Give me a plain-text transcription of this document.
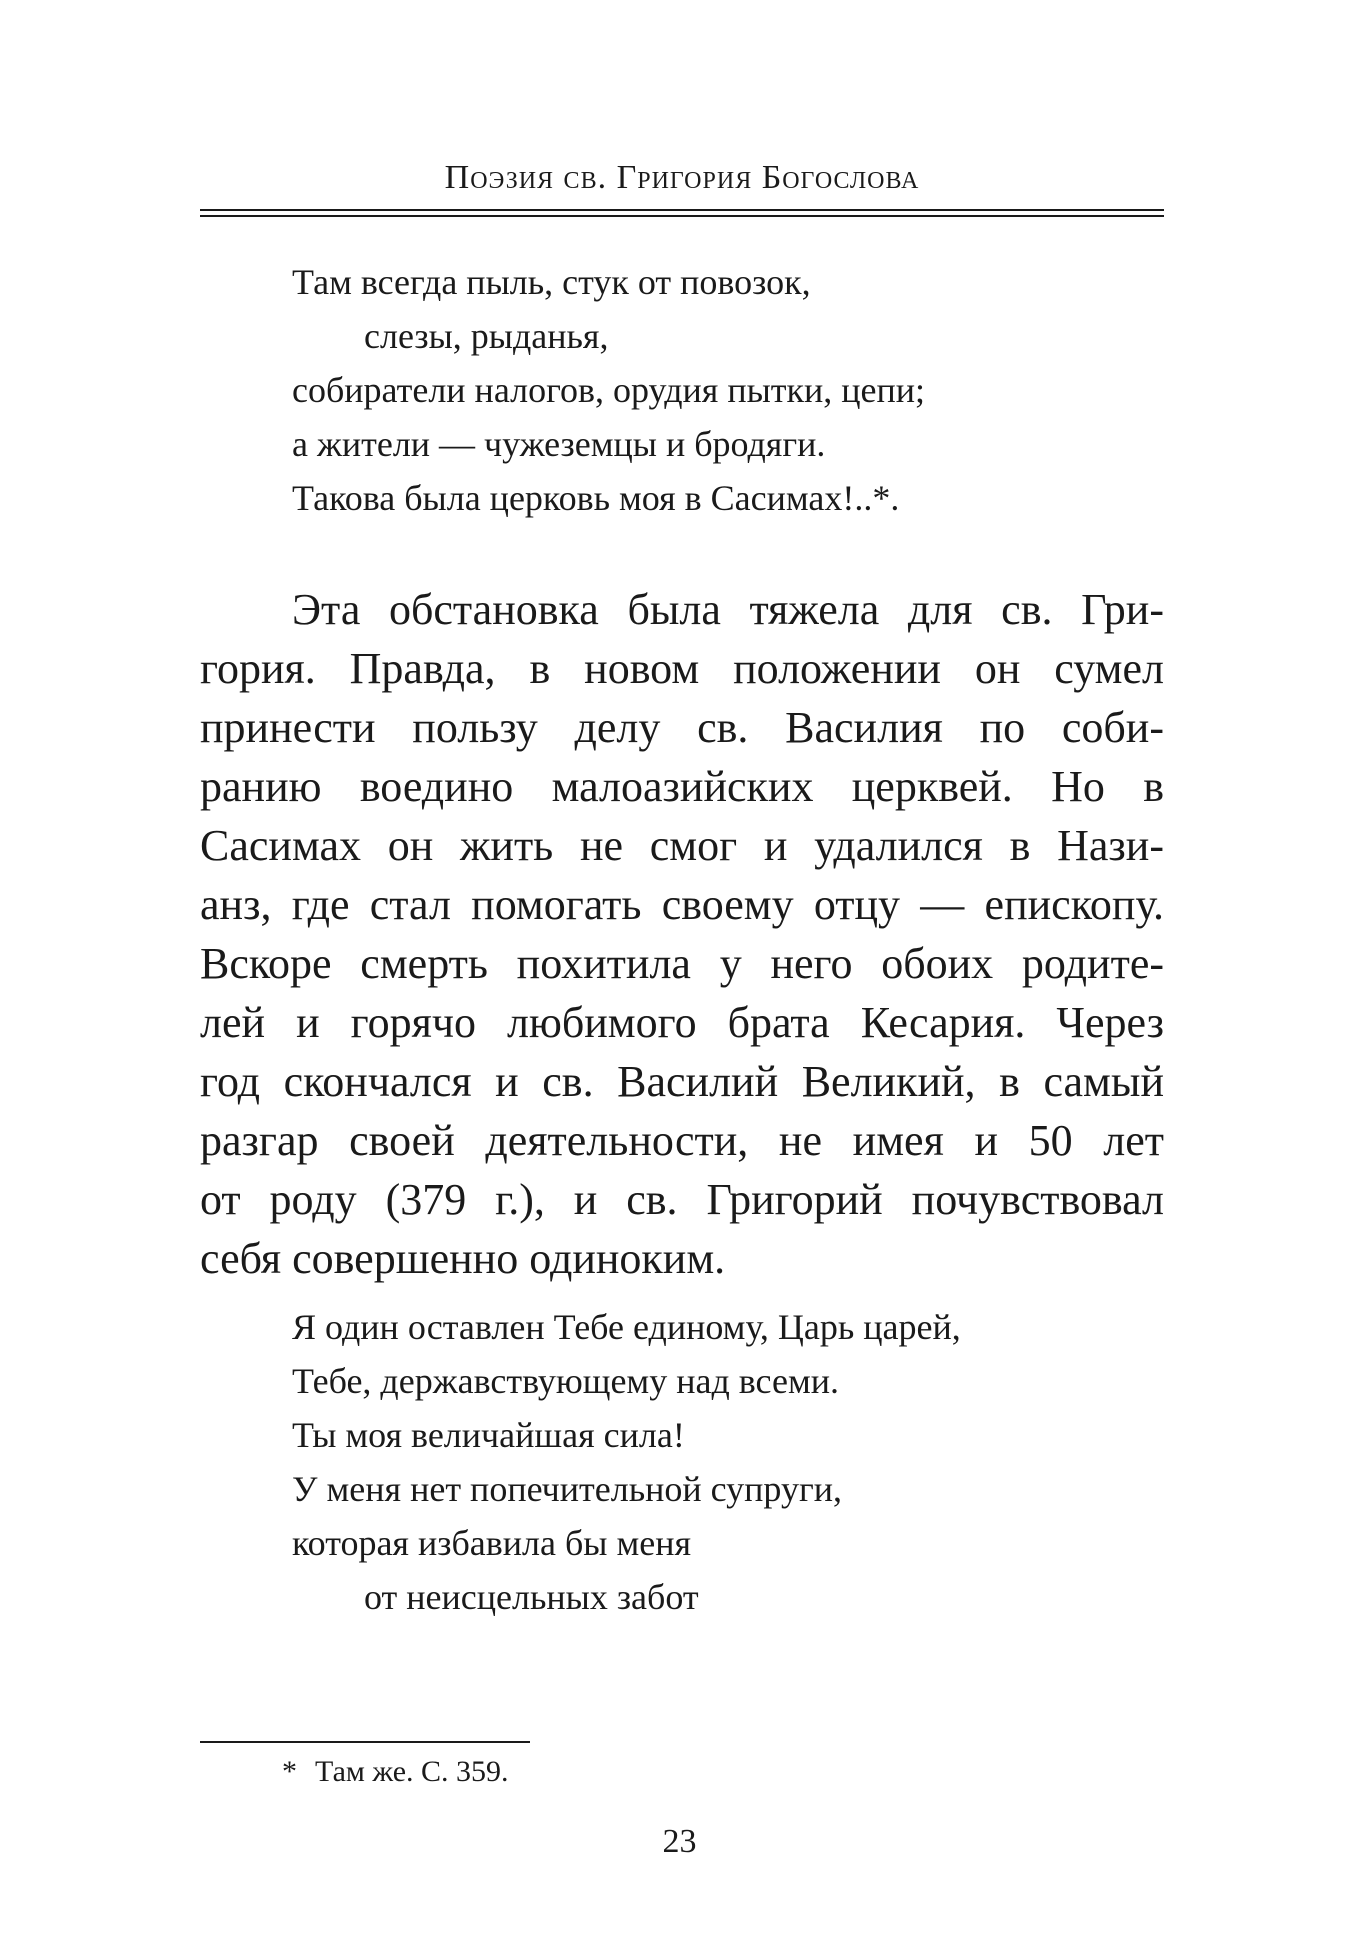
Поэзия св. Григория Богослова
Там всегда пыль, стук от повозок,
слезы, рыданья,
собиратели налогов, орудия пытки, цепи;
а жители — чужеземцы и бродяги.
Такова была церковь моя в Сасимах!..*.
Эта обстановка была тяжела для св. Гри-
гория. Правда, в новом положении он сумел
принести пользу делу св. Василия по соби-
ранию воедино малоазийских церквей. Но в
Сасимах он жить не смог и удалился в Нази-
анз, где стал помогать своему отцу — епископу.
Вскоре смерть похитила у него обоих родите-
лей и горячо любимого брата Кесария. Через
год скончался и св. Василий Великий, в самый
разгар своей деятельности, не имея и 50 лет
от роду (379 г.), и св. Григорий почувствовал
себя совершенно одиноким.
Я один оставлен Тебе единому, Царь царей,
Тебе, державствующему над всеми.
Ты моя величайшая сила!
У меня нет попечительной супруги,
которая избавила бы меня
от неисцельных забот
* Там же. С. 359.
23
